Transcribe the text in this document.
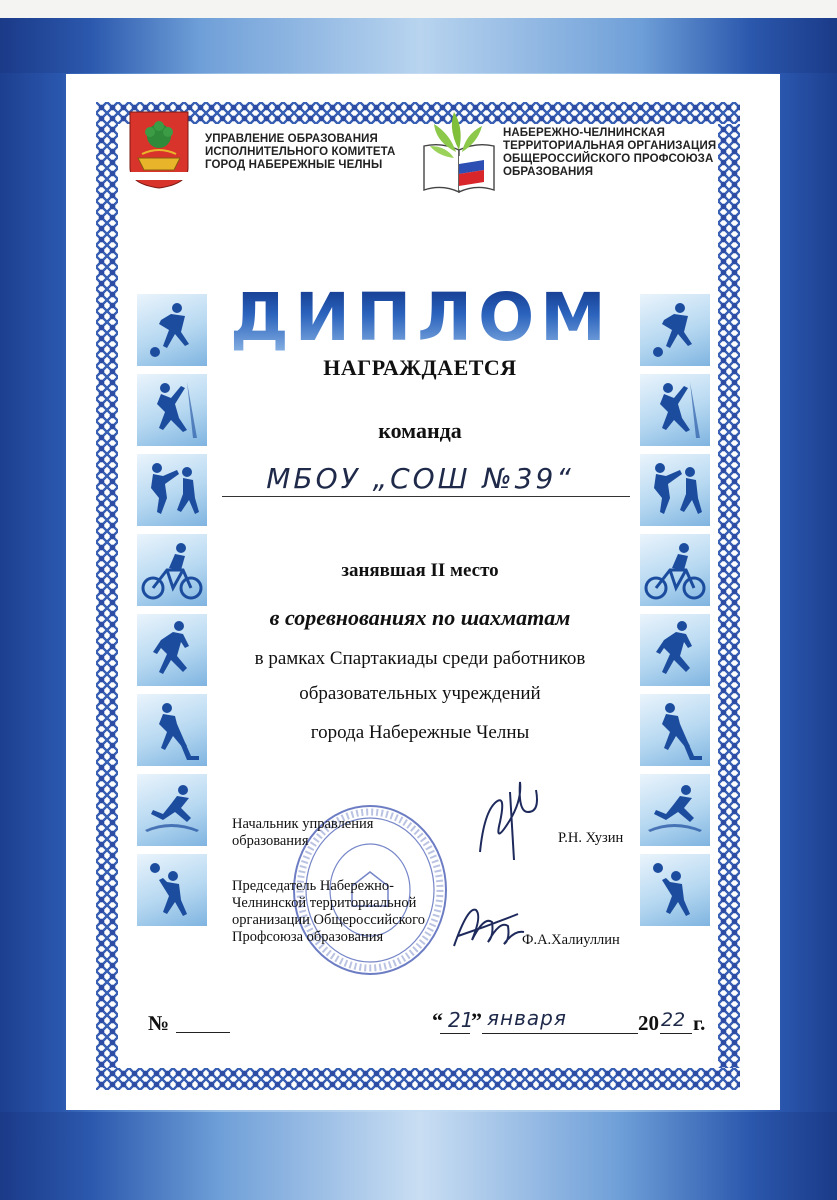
УПРАВЛЕНИЕ ОБРАЗОВАНИЯ
ИСПОЛНИТЕЛЬНОГО КОМИТЕТА
ГОРОД НАБЕРЕЖНЫЕ ЧЕЛНЫ

НАБЕРЕЖНО-ЧЕЛНИНСКАЯ
ТЕРРИТОРИАЛЬНАЯ ОРГАНИЗАЦИЯ
ОБЩЕРОССИЙСКОГО ПРОФСОЮЗА
ОБРАЗОВАНИЯ

ДИПЛОМ

НАГРАЖДАЕТСЯ

команда

МБОУ „СОШ №39“

занявшая II место

в соревнованиях по шахматам

в рамках Спартакиады среди работников

образовательных учреждений

города Набережные Челны

Начальник управления
образования	Р.Н. Хузин

Председатель Набережно-
Челнинской территориальной
организации Общероссийского
Профсоюза образования	Ф.А.Халиуллин

№	“ 21

” января	20 22 г.
